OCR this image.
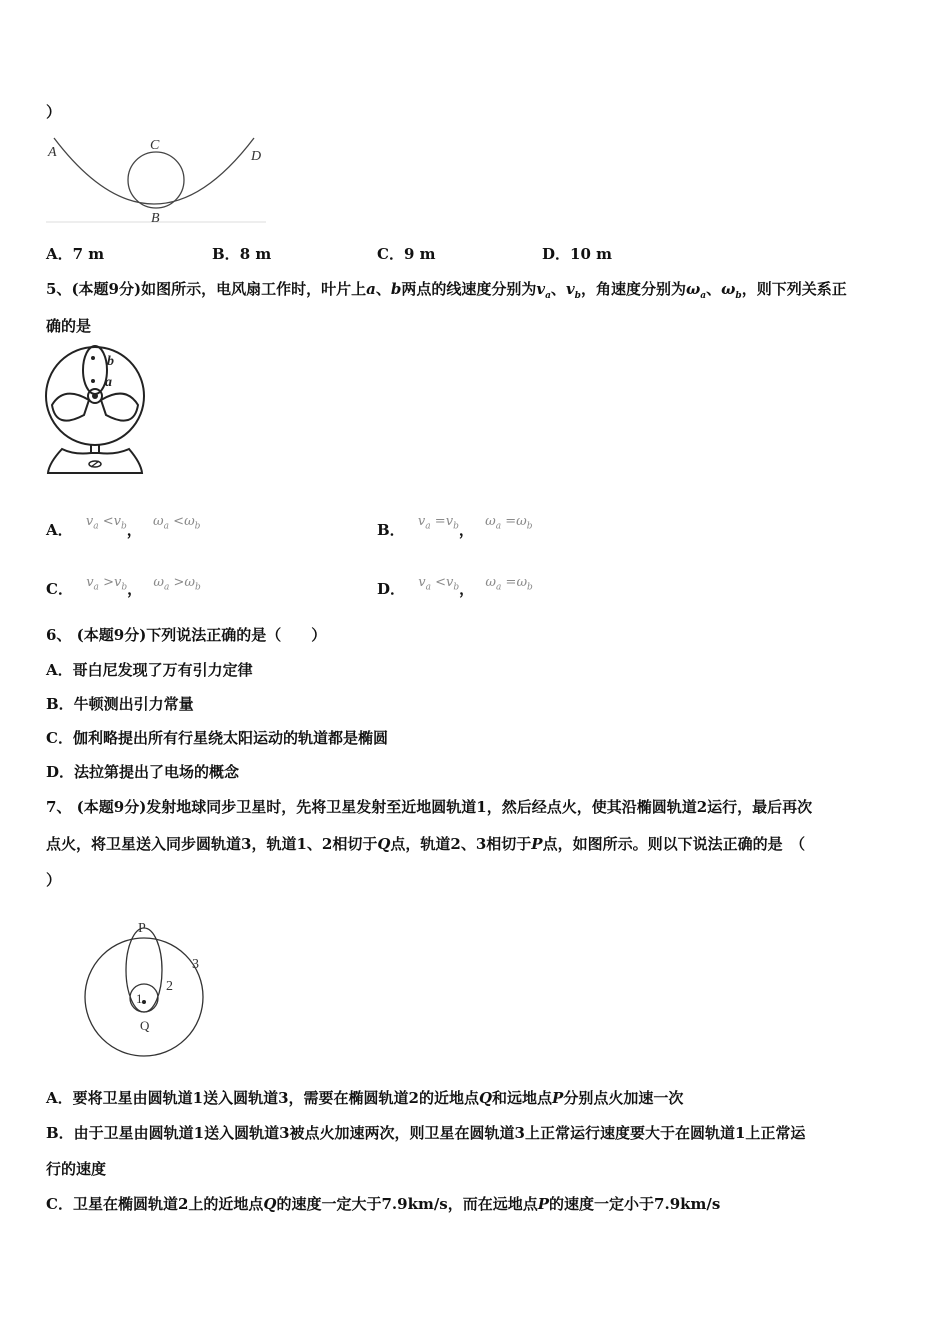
）
A	C
D
B
A．7 m	B．8 m	C．9 m	D．10 m
5、(本题9分)如图所示，电风扇工作时，叶片上a、b两点的线速度分别为$v_a$、$v_b$，角速度分别为$\omega_a$、$\omega_b$，则下列关系正
确的是
b
a
A． $v_a <v_b$， $\omega_a <\omega_b$	B． $v_a =v_b$， $\omega_a =\omega_b$
C． $v_a >v_b$， $\omega_a >\omega_b$	D． $v_a <v_b$， $\omega_a =\omega_b$
6、 (本题9分)下列说法正确的是（　　）
A．哥白尼发现了万有引力定律
B．牛顿测出引力常量
C．伽利略提出所有行星绕太阳运动的轨道都是椭圆
D．法拉第提出了电场的概念
7、 (本题9分)发射地球同步卫星时，先将卫星发射至近地圆轨道1，然后经点火，使其沿椭圆轨道2运行，最后再次
点火，将卫星送入同步圆轨道3，轨道1、2相切于Q点，轨道2、3相切于P点，如图所示。则以下说法正确的是　（
）
P
3
2
1
Q
A．要将卫星由圆轨道1送入圆轨道3，需要在椭圆轨道2的近地点Q和远地点P分别点火加速一次
B．由于卫星由圆轨道1送入圆轨道3被点火加速两次，则卫星在圆轨道3上正常运行速度要大于在圆轨道1上正常运
行的速度
C．卫星在椭圆轨道2上的近地点Q的速度一定大于7.9km/s，而在远地点P的速度一定小于7.9km/s
